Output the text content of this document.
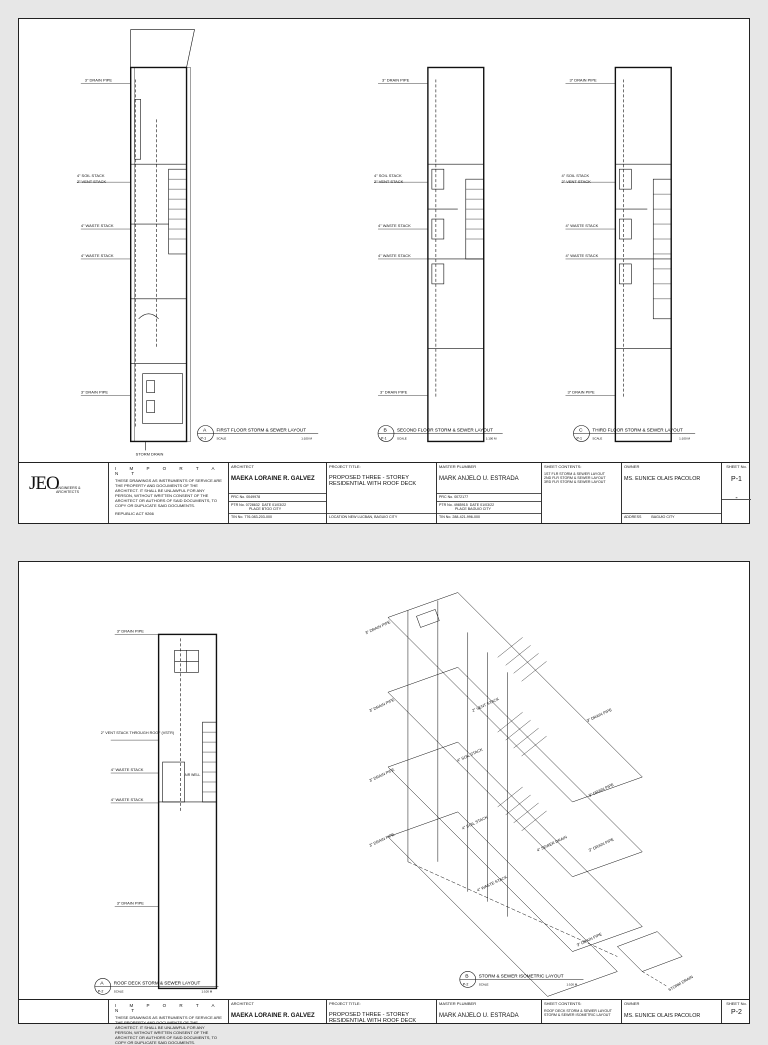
3" DRAIN PIPE
4" SOIL STACK
2" VENT STACK
4" WASTE STACK
4" WASTE STACK
3" DRAIN PIPE
STORM DRAIN
3" DRAIN PIPE
4" SOIL STACK
2" VENT STACK
4" WASTE STACK
4" WASTE STACK
3" DRAIN PIPE
3" DRAIN PIPE
4" SOIL STACK
2" VENT STACK
4" WASTE STACK
4" WASTE STACK
3" DRAIN PIPE
A
P-1
FIRST FLOOR STORM & SEWER LAYOUT
SCALE	1:100 M
B
P-1
SECOND FLOOR STORM & SEWER LAYOUT
SCALE	1:100 M
C
P-1
THIRD FLOOR STORM & SEWER LAYOUT
SCALE	1:100 M
JEO
ENGINEERS & ARCHITECTS
I M P O R T A N T
THESE DRAWINGS AS INSTRUMENTS OF SERVICE ARE THE PROPERTY AND DOCUMENTS OF THE ARCHITECT. IT SHALL BE UNLAWFUL FOR ANY PERSON, WITHOUT WRITTEN CONSENT OF THE ARCHITECT OR AUTHORS OF SAID DOCUMENTS, TO COPY OR DUPLICATE SAID DOCUMENTS.
REPUBLIC ACT 9266
ARCHITECT
MAEKA LORAINE R. GALVEZ
PRC No. 0049978
PTR No. 0728632 DATE 01/03/22
PLACE BTGO CITY
TIN No. 776-083-203-000
PROJECT TITLE:
PROPOSED THREE - STOREY RESIDENTIAL WITH ROOF DECK
LOCATION NEW LUCBAN, BAGUIO CITY
MASTER PLUMBER
MARK ANJELO U. ESTRADA
PRC No. 0072177
PTR No. 4985915 DATE 01/03/22
PLACE BAGUIO CITY
TIN No. 288-421-996-000
SHEET CONTENTS:
1ST FLR STORM & SEWER LAYOUT
2ND FLR STORM & SEWER LAYOUT
3RD FLR STORM & SEWER LAYOUT
OWNER
MS. EUNICE OLAIS PACOLOR
ADDRESS	BAGUIO CITY
SHEET No.
P-1
-
3" DRAIN PIPE
2" VENT STACK THROUGH ROOF (VSTR)
4" WASTE STACK
4" WASTE STACK
AIR WELL
3" DRAIN PIPE
3" DRAIN PIPE
3" DRAIN PIPE
3" DRAIN PIPE
3" DRAIN PIPE
2" VENT STACK
4" SOIL STACK
4" SOIL STACK
4" WASTE STACK
4" SEWER DRAIN
3" DRAIN PIPE
3" DRAIN PIPE
3" DRAIN PIPE
3" DRAIN PIPE
STORM DRAIN
A
P-2
ROOF DECK STORM & SEWER LAYOUT
SCALE	1:100 M
B
P-2
STORM & SEWER ISOMETRIC LAYOUT
SCALE	1:100 M
I M P O R T A N T
THESE DRAWINGS AS INSTRUMENTS OF SERVICE ARE THE PROPERTY AND DOCUMENTS OF THE ARCHITECT. IT SHALL BE UNLAWFUL FOR ANY PERSON, WITHOUT WRITTEN CONSENT OF THE ARCHITECT OR AUTHORS OF SAID DOCUMENTS, TO COPY OR DUPLICATE SAID DOCUMENTS.
ARCHITECT
MAEKA LORAINE R. GALVEZ
PROJECT TITLE:
PROPOSED THREE - STOREY RESIDENTIAL WITH ROOF DECK
MASTER PLUMBER
MARK ANJELO U. ESTRADA
SHEET CONTENTS:
ROOF DECK STORM & SEWER LAYOUT
STORM & SEWER ISOMETRIC LAYOUT
OWNER
MS. EUNICE OLAIS PACOLOR
SHEET No.
P-2
